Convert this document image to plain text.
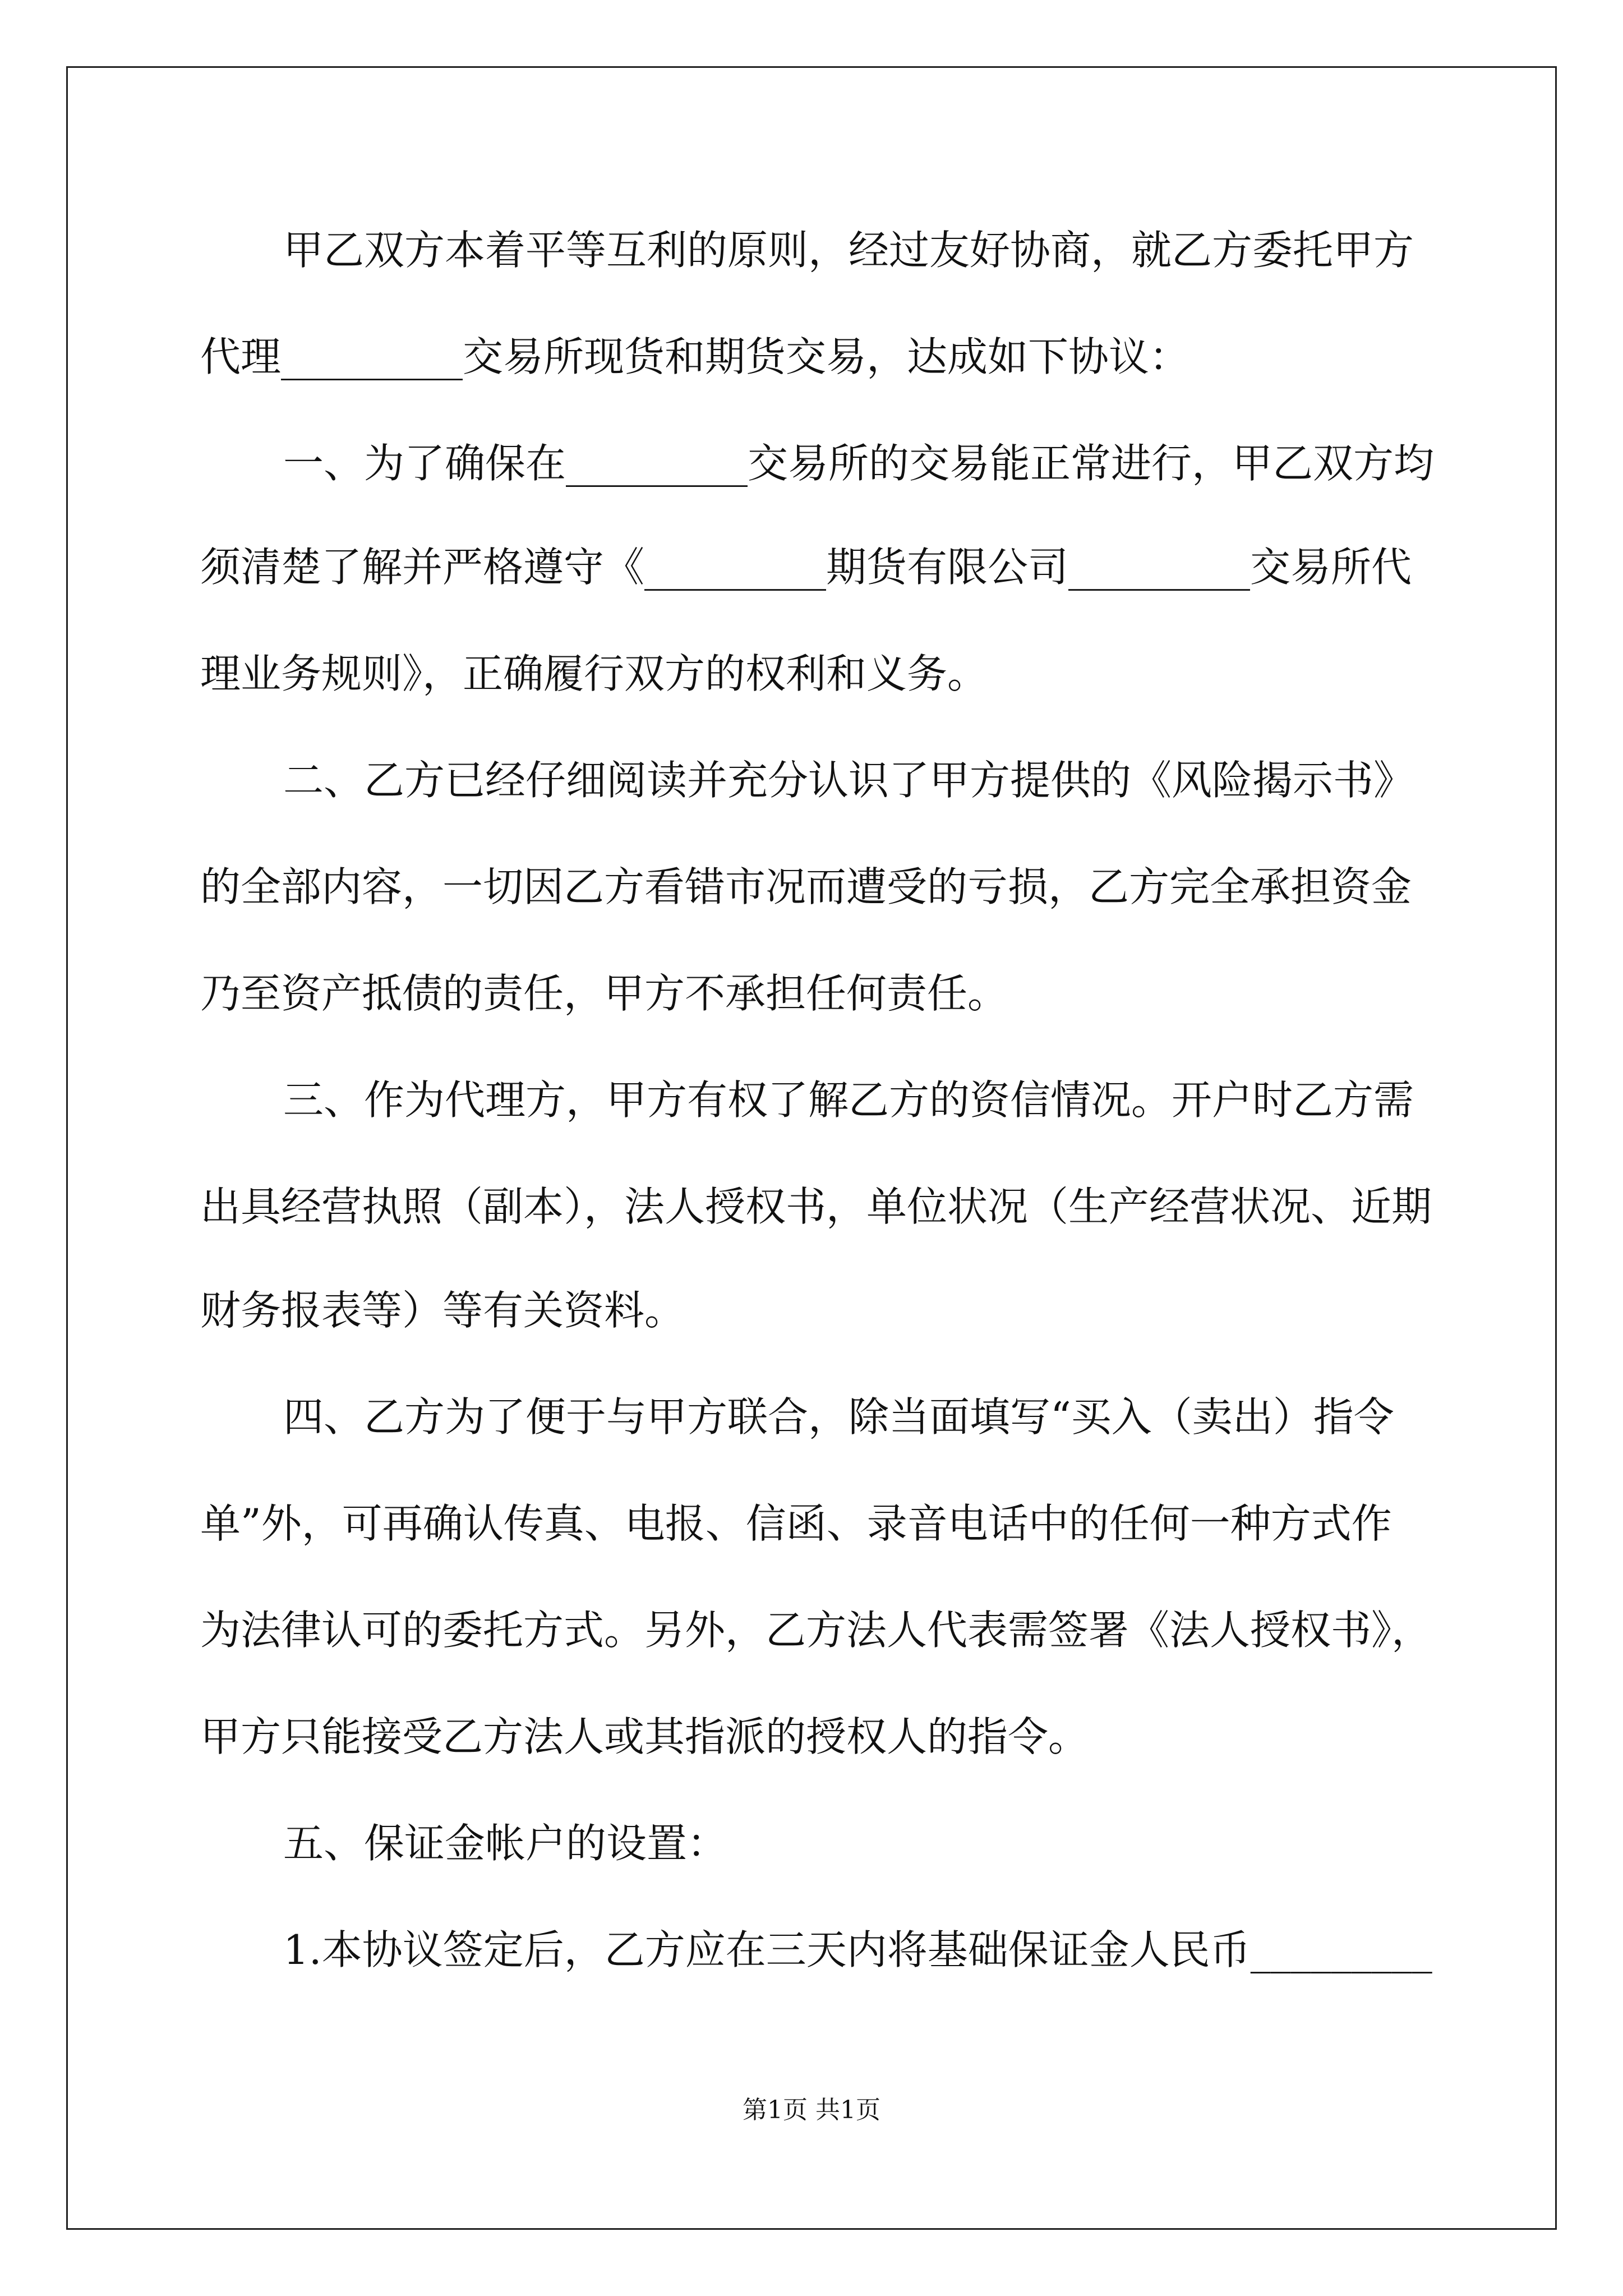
甲乙双方本着平等互利的原则，经过友好协商，就乙方委托甲方
代理_________交易所现货和期货交易，达成如下协议：
一、为了确保在_________交易所的交易能正常进行，甲乙双方均
须清楚了解并严格遵守《_________期货有限公司_________交易所代
理业务规则》，正确履行双方的权利和义务。
二、乙方已经仔细阅读并充分认识了甲方提供的《风险揭示书》
的全部内容，一切因乙方看错市况而遭受的亏损，乙方完全承担资金
乃至资产抵债的责任，甲方不承担任何责任。
三、作为代理方，甲方有权了解乙方的资信情况。开户时乙方需
出具经营执照（副本），法人授权书，单位状况（生产经营状况、近期
财务报表等）等有关资料。
四、乙方为了便于与甲方联合，除当面填写“买入（卖出）指令
单”外，可再确认传真、电报、信函、录音电话中的任何一种方式作
为法律认可的委托方式。另外，乙方法人代表需签署《法人授权书》，
甲方只能接受乙方法人或其指派的授权人的指令。
五、保证金帐户的设置：
1.本协议签定后，乙方应在三天内将基础保证金人民币_________
第1页 共1页
